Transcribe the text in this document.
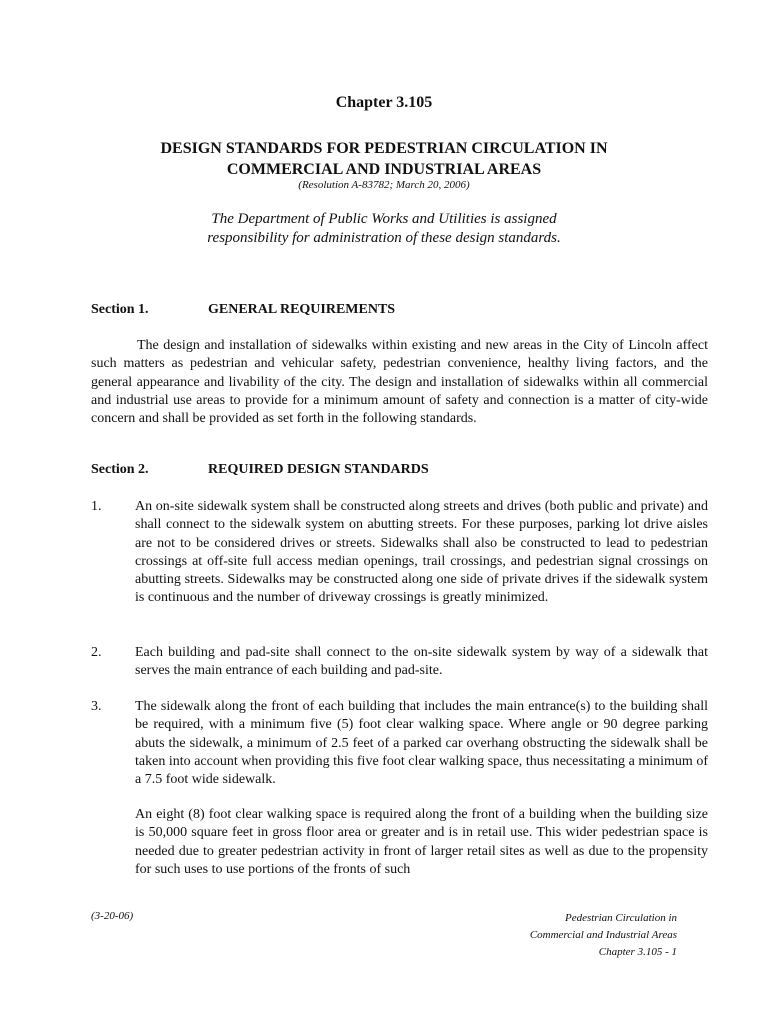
Chapter 3.105
DESIGN STANDARDS FOR PEDESTRIAN CIRCULATION IN
COMMERCIAL AND INDUSTRIAL AREAS
(Resolution A-83782; March 20, 2006)
The Department of Public Works and Utilities is assigned
responsibility for administration of these design standards.
Section 1.	GENERAL REQUIREMENTS
The design and installation of sidewalks within existing and new areas in the City of Lincoln affect such matters as pedestrian and vehicular safety, pedestrian convenience, healthy living factors, and the general appearance and livability of the city. The design and installation of sidewalks within all commercial and industrial use areas to provide for a minimum amount of safety and connection is a matter of city-wide concern and shall be provided as set forth in the following standards.
Section 2.	REQUIRED DESIGN STANDARDS
1.	An on-site sidewalk system shall be constructed along streets and drives (both public and private) and shall connect to the sidewalk system on abutting streets. For these purposes, parking lot drive aisles are not to be considered drives or streets. Sidewalks shall also be constructed to lead to pedestrian crossings at off-site full access median openings, trail crossings, and pedestrian signal crossings on abutting streets. Sidewalks may be constructed along one side of private drives if the sidewalk system is continuous and the number of driveway crossings is greatly minimized.
2.	Each building and pad-site shall connect to the on-site sidewalk system by way of a sidewalk that serves the main entrance of each building and pad-site.
3.	The sidewalk along the front of each building that includes the main entrance(s) to the building shall be required, with a minimum five (5) foot clear walking space. Where angle or 90 degree parking abuts the sidewalk, a minimum of 2.5 feet of a parked car overhang obstructing the sidewalk shall be taken into account when providing this five foot clear walking space, thus necessitating a minimum of a 7.5 foot wide sidewalk.
An eight (8) foot clear walking space is required along the front of a building when the building size is 50,000 square feet in gross floor area or greater and is in retail use. This wider pedestrian space is needed due to greater pedestrian activity in front of larger retail sites as well as due to the propensity for such uses to use portions of the fronts of such
(3-20-06)	Pedestrian Circulation in
Commercial and Industrial Areas
Chapter 3.105 - 1
